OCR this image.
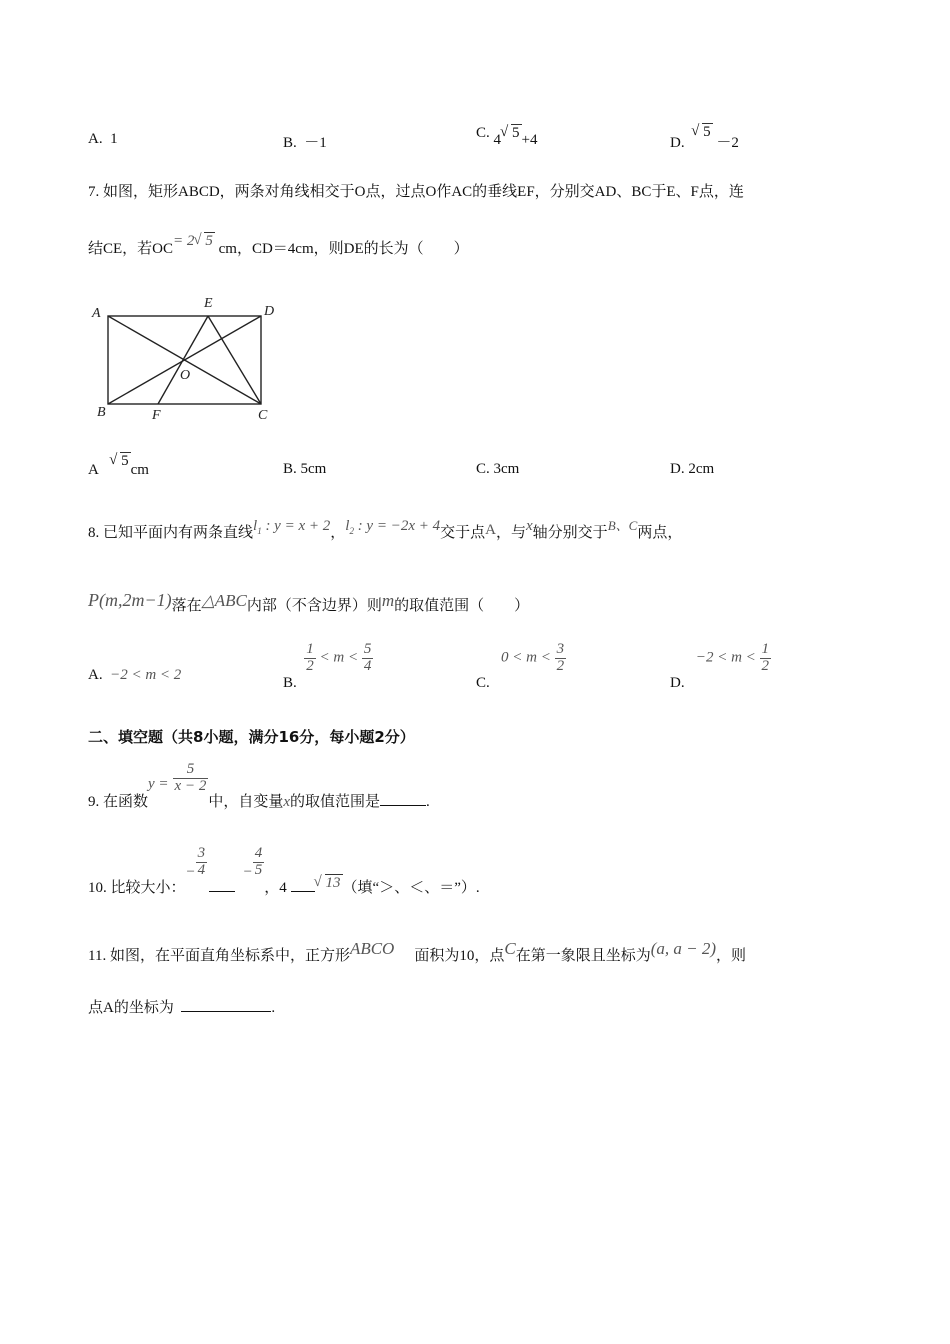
A. 1	B. －1
C. 4 √ 5 +4	D.  √ 5 －2
7. 如图，矩形ABCD，两条对角线相交于O点，过点O作AC的垂线EF，分别交AD、BC于E、F点，连
结CE，若OC= 2 √ 5 cm，CD＝4cm，则DE的长为（　　）
A
B	C
D
E
F
O
A   √ 5cm	B. 5cm	C. 3cm	D. 2cm
8. 已知平面内有两条直线$l_1$ : y = x + 2，$l_2$ : y = −2x + 4交于点A，与x轴分别交于B、C两点，
P(m,2m−1)落在△ABC内部（不含边界）则m的取值范围（　　）
A. −2 < m < 2	B.
$\frac{1}{2} < m < \frac{5}{4}$
C.   $0 < m < \frac{3}{2}$
D.   $-2 < m < \frac{1}{2}$
二、填空题（共8小题，满分16分，每小题2分）
9. 在函数$y = \frac{5}{x - 2}$
中，自变量x的取值范围是	.
10. 比较大小：− $\frac{3}{4} - \frac{4}{5}$
，4	√ 13 （填“＞、＜、＝”）.
11. 如图，在平面直角坐标系中，正方形ABCO 面积为10，点C在第一象限且坐标为(a, a − 2)，则
点A的坐标为	.
